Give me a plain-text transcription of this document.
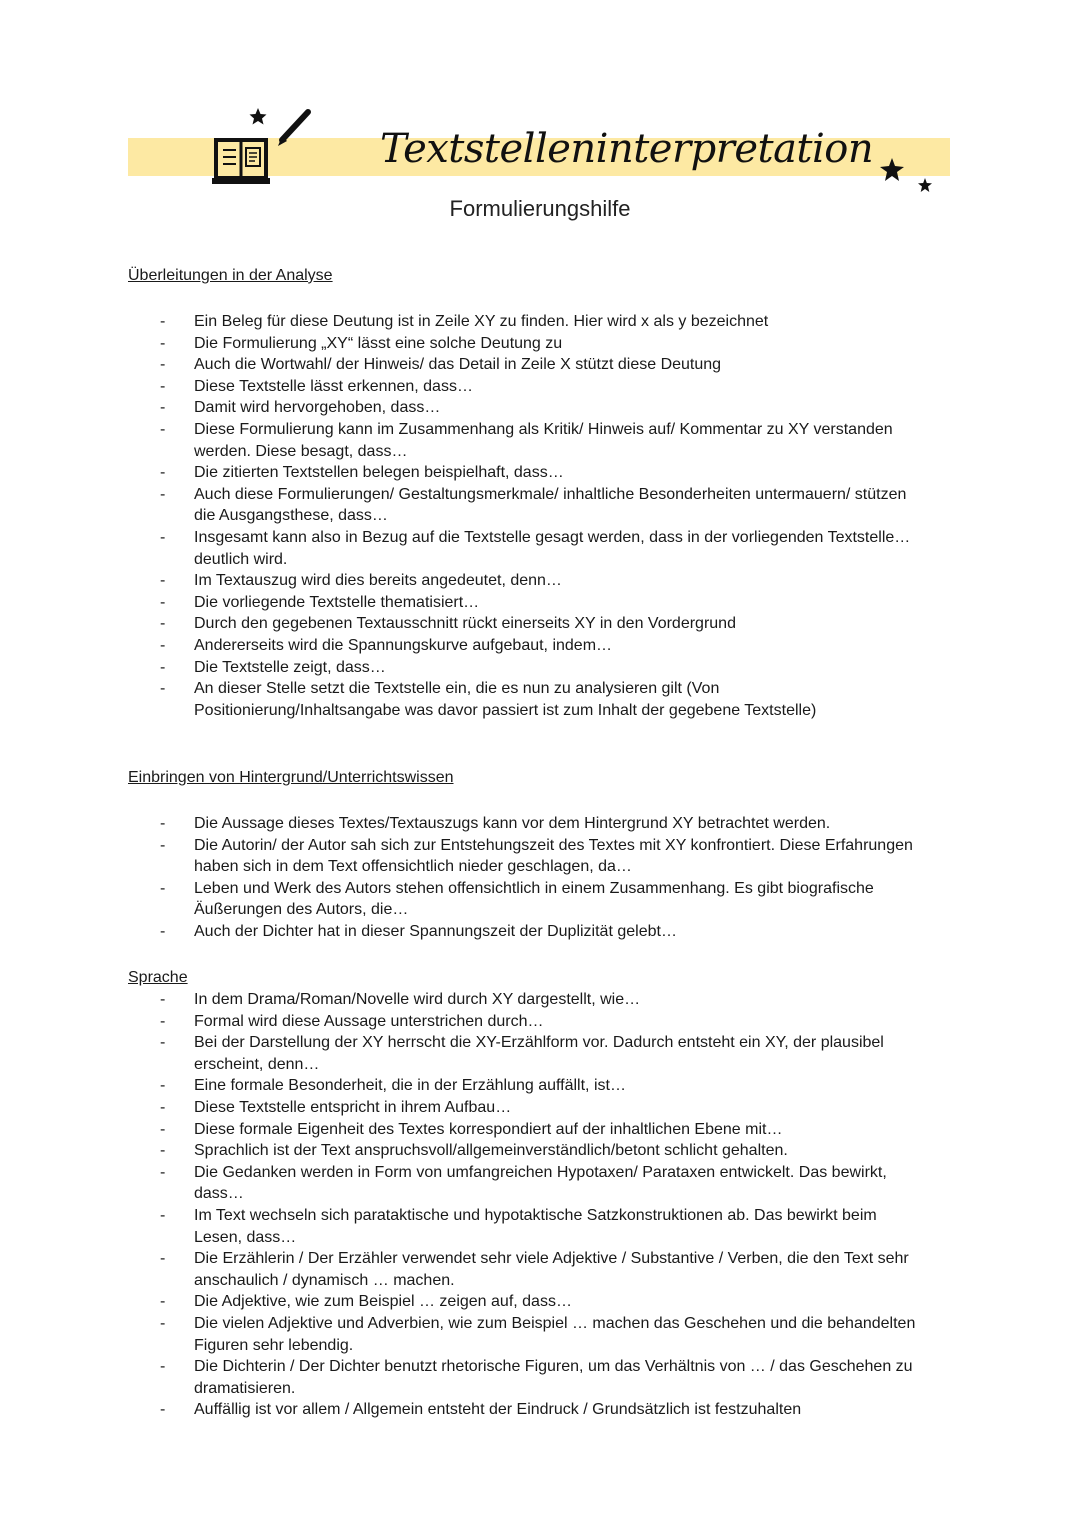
Textstelleninterpretation
Formulierungshilfe

Überleitungen in der Analyse

- Ein Beleg für diese Deutung ist in Zeile XY zu finden. Hier wird x als y bezeichnet
- Die Formulierung „XY“ lässt eine solche Deutung zu
- Auch die Wortwahl/ der Hinweis/ das Detail in Zeile X stützt diese Deutung
- Diese Textstelle lässt erkennen, dass…
- Damit wird hervorgehoben, dass…
- Diese Formulierung kann im Zusammenhang als Kritik/ Hinweis auf/ Kommentar zu XY verstanden werden. Diese besagt, dass…
- Die zitierten Textstellen belegen beispielhaft, dass…
- Auch diese Formulierungen/ Gestaltungsmerkmale/ inhaltliche Besonderheiten untermauern/ stützen die Ausgangsthese, dass…
- Insgesamt kann also in Bezug auf die Textstelle gesagt werden, dass in der vorliegenden Textstelle… deutlich wird.
- Im Textauszug wird dies bereits angedeutet, denn…
- Die vorliegende Textstelle thematisiert…
- Durch den gegebenen Textausschnitt rückt einerseits XY in den Vordergrund
- Andererseits wird die Spannungskurve aufgebaut, indem…
- Die Textstelle zeigt, dass…
- An dieser Stelle setzt die Textstelle ein, die es nun zu analysieren gilt (Von Positionierung/Inhaltsangabe was davor passiert ist zum Inhalt der gegebene Textstelle)

Einbringen von Hintergrund/Unterrichtswissen

- Die Aussage dieses Textes/Textauszugs kann vor dem Hintergrund XY betrachtet werden.
- Die Autorin/ der Autor sah sich zur Entstehungszeit des Textes mit XY konfrontiert. Diese Erfahrungen haben sich in dem Text offensichtlich nieder geschlagen, da…
- Leben und Werk des Autors stehen offensichtlich in einem Zusammenhang. Es gibt biografische Äußerungen des Autors, die…
- Auch der Dichter hat in dieser Spannungszeit der Duplizität gelebt…

Sprache

- In dem Drama/Roman/Novelle wird durch XY dargestellt, wie…
- Formal wird diese Aussage unterstrichen durch…
- Bei der Darstellung der XY herrscht die XY-Erzählform vor. Dadurch entsteht ein XY, der plausibel erscheint, denn…
- Eine formale Besonderheit, die in der Erzählung auffällt, ist…
- Diese Textstelle entspricht in ihrem Aufbau…
- Diese formale Eigenheit des Textes korrespondiert auf der inhaltlichen Ebene mit…
- Sprachlich ist der Text anspruchsvoll/allgemeinverständlich/betont schlicht gehalten.
- Die Gedanken werden in Form von umfangreichen Hypotaxen/ Parataxen entwickelt. Das bewirkt, dass…
- Im Text wechseln sich parataktische und hypotaktische Satzkonstruktionen ab. Das bewirkt beim Lesen, dass…
- Die Erzählerin / Der Erzähler verwendet sehr viele Adjektive / Substantive / Verben, die den Text sehr anschaulich / dynamisch … machen.
- Die Adjektive, wie zum Beispiel … zeigen auf, dass…
- Die vielen Adjektive und Adverbien, wie zum Beispiel … machen das Geschehen und die behandelten Figuren sehr lebendig.
- Die Dichterin / Der Dichter benutzt rhetorische Figuren, um das Verhältnis von … / das Geschehen zu dramatisieren.
- Auffällig ist vor allem / Allgemein entsteht der Eindruck / Grundsätzlich ist festzuhalten
